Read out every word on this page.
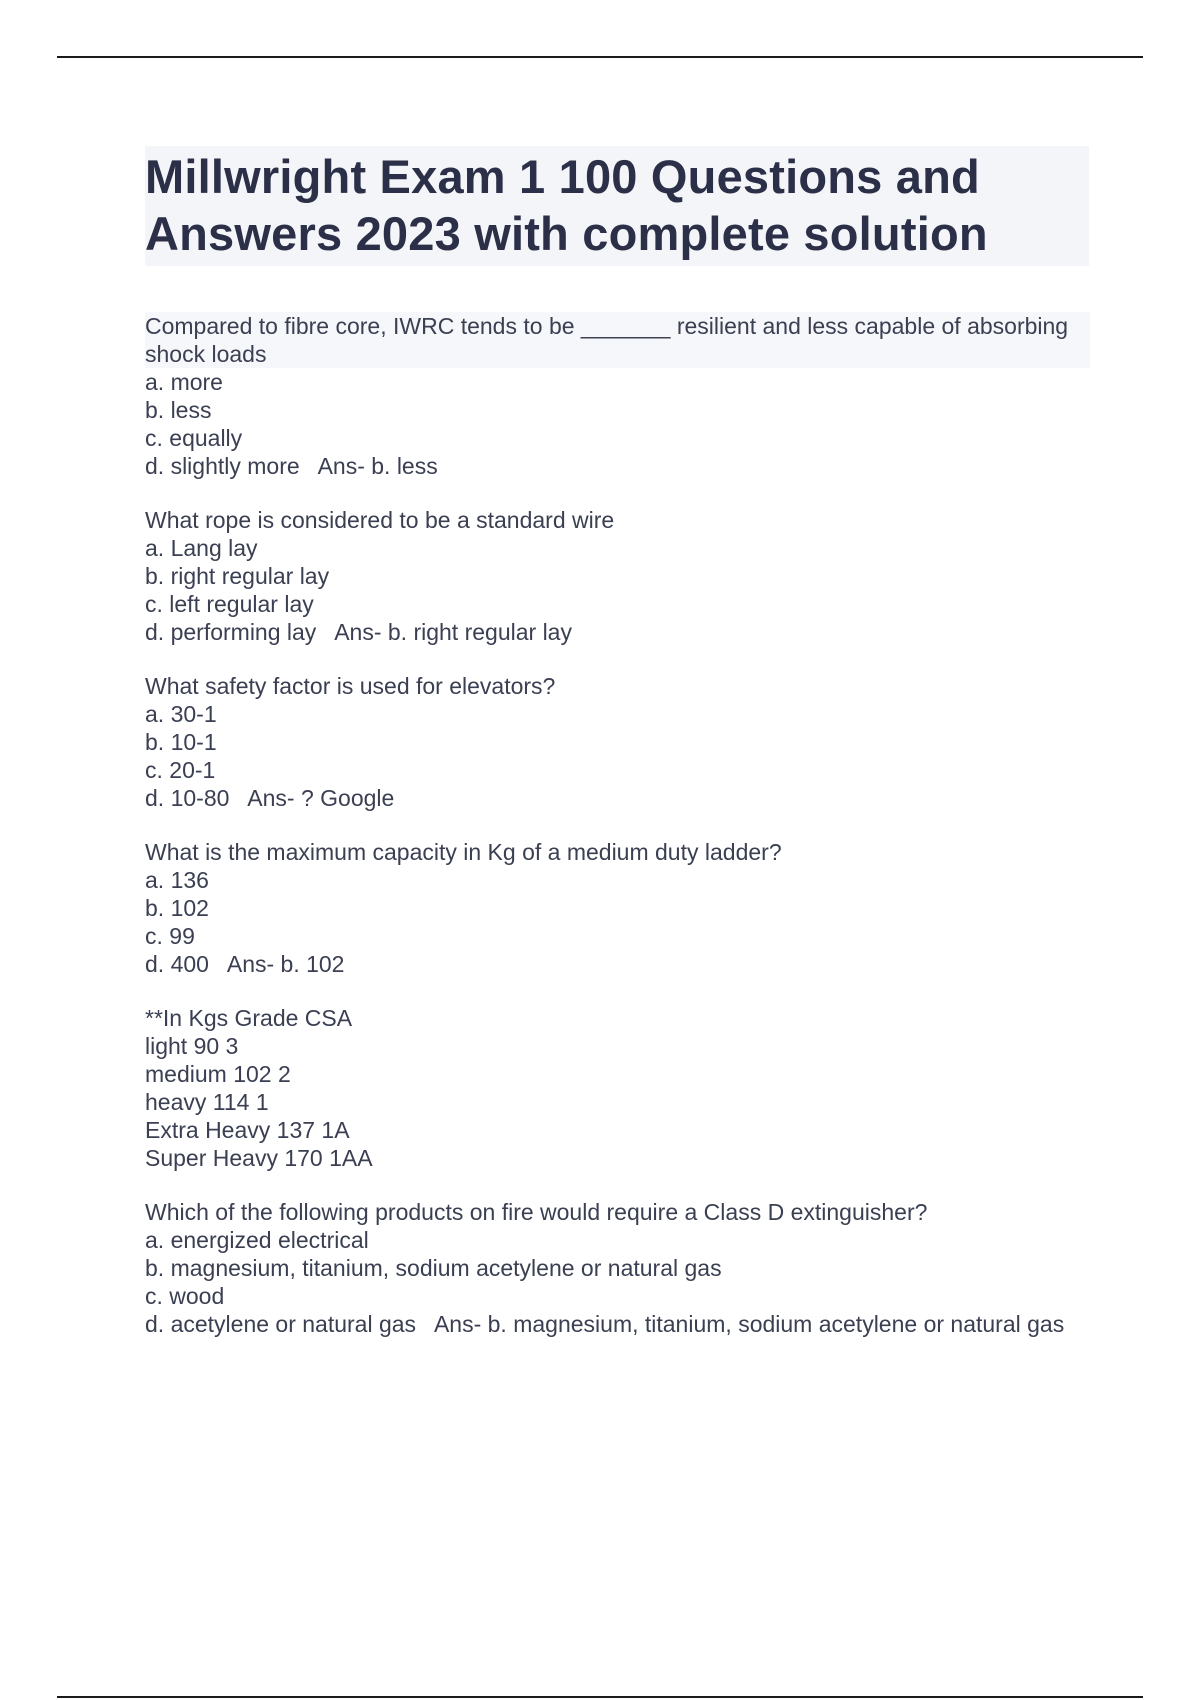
Millwright Exam 1 100 Questions and Answers 2023 with complete solution
Compared to fibre core, IWRC tends to be _______ resilient and less capable of absorbing shock loads
a. more
b. less
c. equally
d. slightly more   Ans- b. less
What rope is considered to be a standard wire
a. Lang lay
b. right regular lay
c. left regular lay
d. performing lay   Ans- b. right regular lay
What safety factor is used for elevators?
a. 30-1
b. 10-1
c. 20-1
d. 10-80   Ans- ? Google
What is the maximum capacity in Kg of a medium duty ladder?
a. 136
b. 102
c. 99
d. 400   Ans- b. 102
**In Kgs Grade CSA
light 90 3
medium 102 2
heavy 114 1
Extra Heavy 137 1A
Super Heavy 170 1AA
Which of the following products on fire would require a Class D extinguisher?
a. energized electrical
b. magnesium, titanium, sodium acetylene or natural gas
c. wood
d. acetylene or natural gas   Ans- b. magnesium, titanium, sodium acetylene or natural gas
